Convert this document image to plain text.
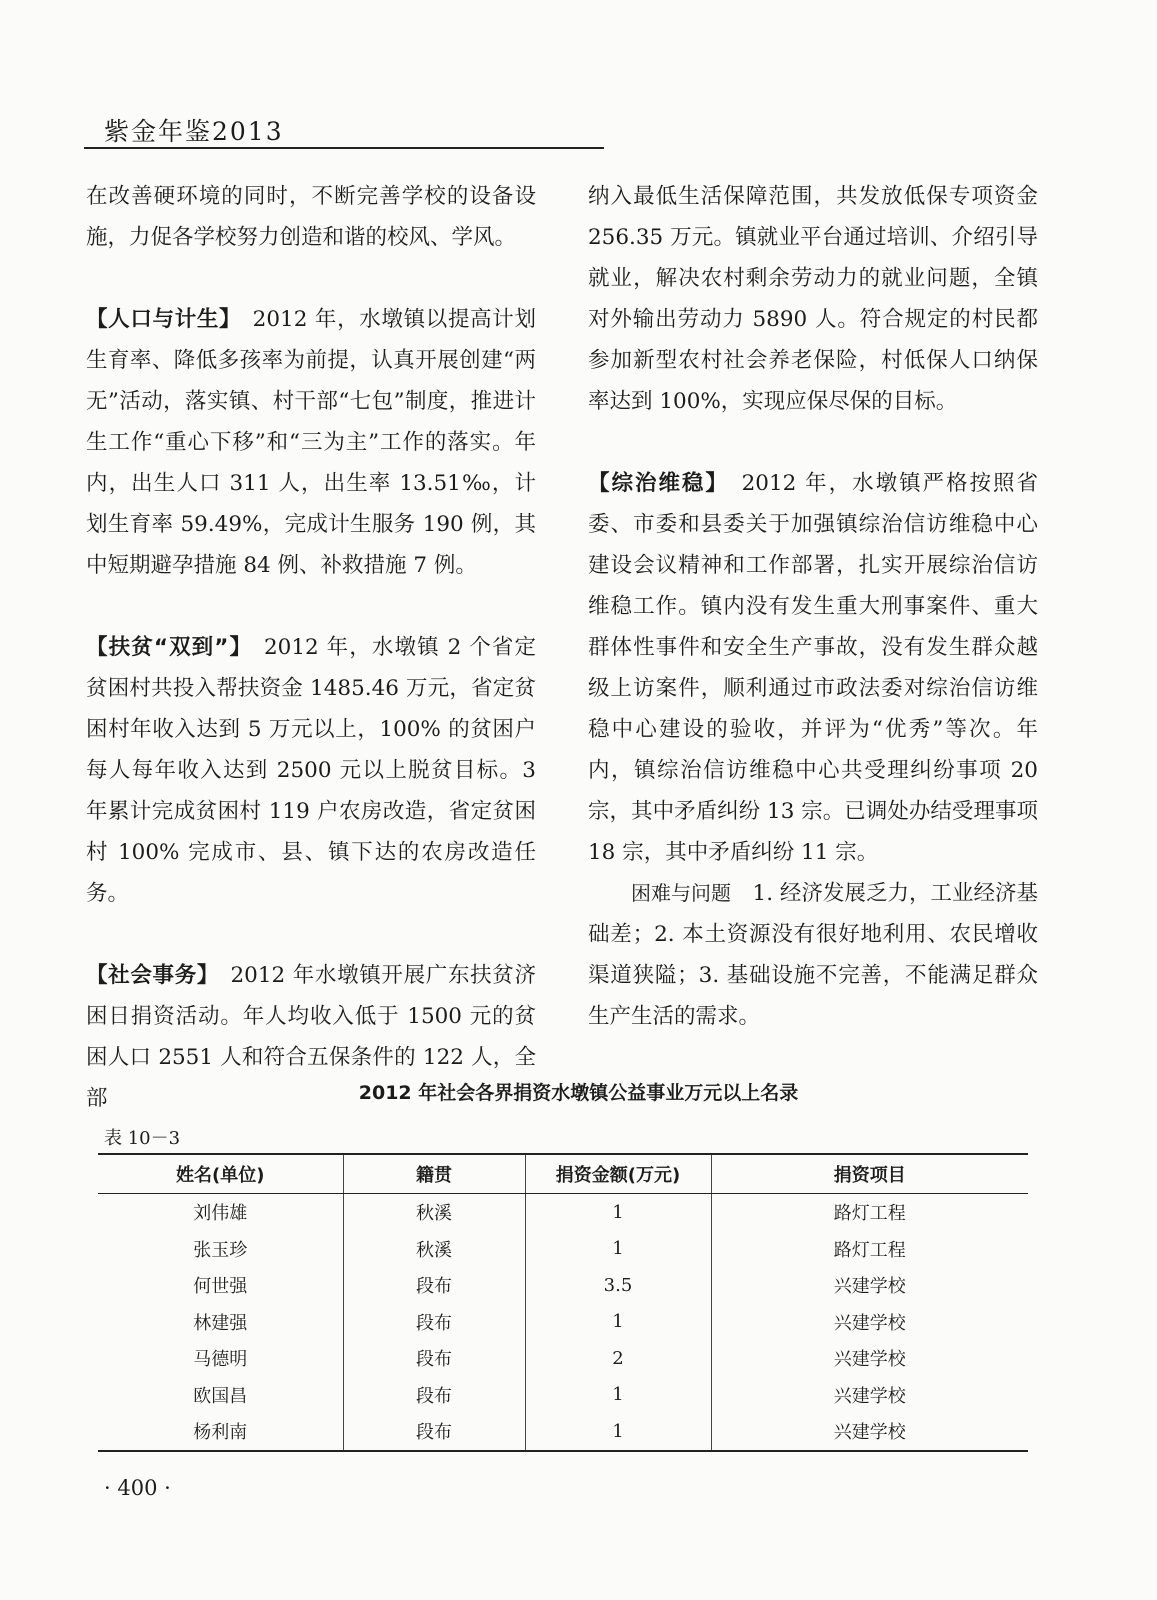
紫金年鉴2013

在改善硬环境的同时，不断完善学校的设备设施，力促各学校努力创造和谐的校风、学风。

【人口与计生】　2012 年，水墩镇以提高计划生育率、降低多孩率为前提，认真开展创建“两无”活动，落实镇、村干部“七包”制度，推进计生工作“重心下移”和“三为主”工作的落实。年内，出生人口 311 人，出生率 13.51‰，计划生育率 59.49%，完成计生服务 190 例，其中短期避孕措施 84 例、补救措施 7 例。

【扶贫“双到”】　2012 年，水墩镇 2 个省定贫困村共投入帮扶资金 1485.46 万元，省定贫困村年收入达到 5 万元以上，100% 的贫困户每人每年收入达到 2500 元以上脱贫目标。3 年累计完成贫困村 119 户农房改造，省定贫困村 100% 完成市、县、镇下达的农房改造任务。

【社会事务】　2012 年水墩镇开展广东扶贫济困日捐资活动。年人均收入低于 1500 元的贫困人口 2551 人和符合五保条件的 122 人，全部

纳入最低生活保障范围，共发放低保专项资金 256.35 万元。镇就业平台通过培训、介绍引导就业，解决农村剩余劳动力的就业问题，全镇对外输出劳动力 5890 人。符合规定的村民都参加新型农村社会养老保险，村低保人口纳保率达到 100%，实现应保尽保的目标。

【综治维稳】　2012 年，水墩镇严格按照省委、市委和县委关于加强镇综治信访维稳中心建设会议精神和工作部署，扎实开展综治信访维稳工作。镇内没有发生重大刑事案件、重大群体性事件和安全生产事故，没有发生群众越级上访案件，顺利通过市政法委对综治信访维稳中心建设的验收，并评为“优秀”等次。年内，镇综治信访维稳中心共受理纠纷事项 20 宗，其中矛盾纠纷 13 宗。已调处办结受理事项 18 宗，其中矛盾纠纷 11 宗。

困难与问题　1. 经济发展乏力，工业经济基础差；2. 本土资源没有很好地利用、农民增收渠道狭隘；3. 基础设施不完善，不能满足群众生产生活的需求。

2012 年社会各界捐资水墩镇公益事业万元以上名录
表 10－3
姓名(单位)	籍贯	捐资金额(万元)	捐资项目
刘伟雄	秋溪	1	路灯工程
张玉珍	秋溪	1	路灯工程
何世强	段布	3.5	兴建学校
林建强	段布	1	兴建学校
马德明	段布	2	兴建学校
欧国昌	段布	1	兴建学校
杨利南	段布	1	兴建学校
· 400 ·
